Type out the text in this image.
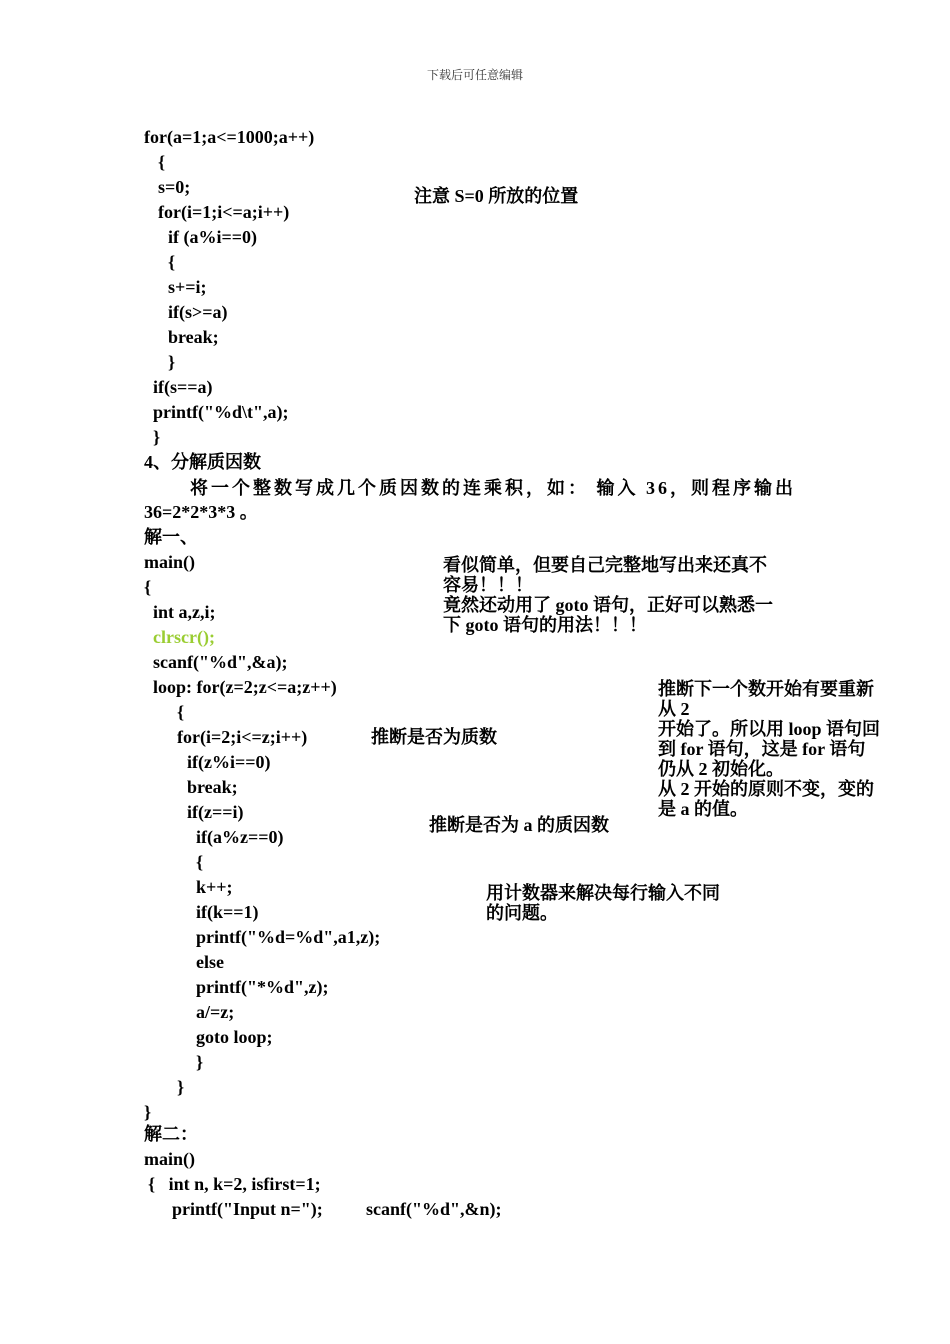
下载后可任意编辑
for(a=1;a<=1000;a++)
{
s=0;
for(i=1;i<=a;i++)
if (a%i==0)
{
s+=i;
if(s>=a)
break;
}
if(s==a)
printf("%d\t",a);
}
注意 S=0 所放的位置
4、分解质因数
将一个整数写成几个质因数的连乘积，如： 输入 36，则程序输出
36=2*2*3*3 。
解一、
main()
{
int a,z,i;
clrscr();
scanf("%d",&a);
loop: for(z=2;z<=a;z++)
{
for(i=2;i<=z;i++)
if(z%i==0)
break;
if(z==i)
if(a%z==0)
{
k++;
if(k==1)
printf("%d=%d",a1,z);
else
printf("*%d",z);
a/=z;
goto loop;
}
}
}
看似简单，但要自己完整地写出来还真不
容易！！！
竟然还动用了 goto 语句，正好可以熟悉一
下 goto 语句的用法！！！
推断下一个数开始有要重新
从 2
开始了。所以用 loop 语句回
到 for 语句，这是 for 语句
仍从 2 初始化。
从 2 开始的原则不变，变的
是 a 的值。
推断是否为质数
推断是否为 a 的质因数
用计数器来解决每行输入不同
的问题。
解二：
main()
{   int n, k=2, isfirst=1;
printf("Input n="); scanf("%d",&n);
